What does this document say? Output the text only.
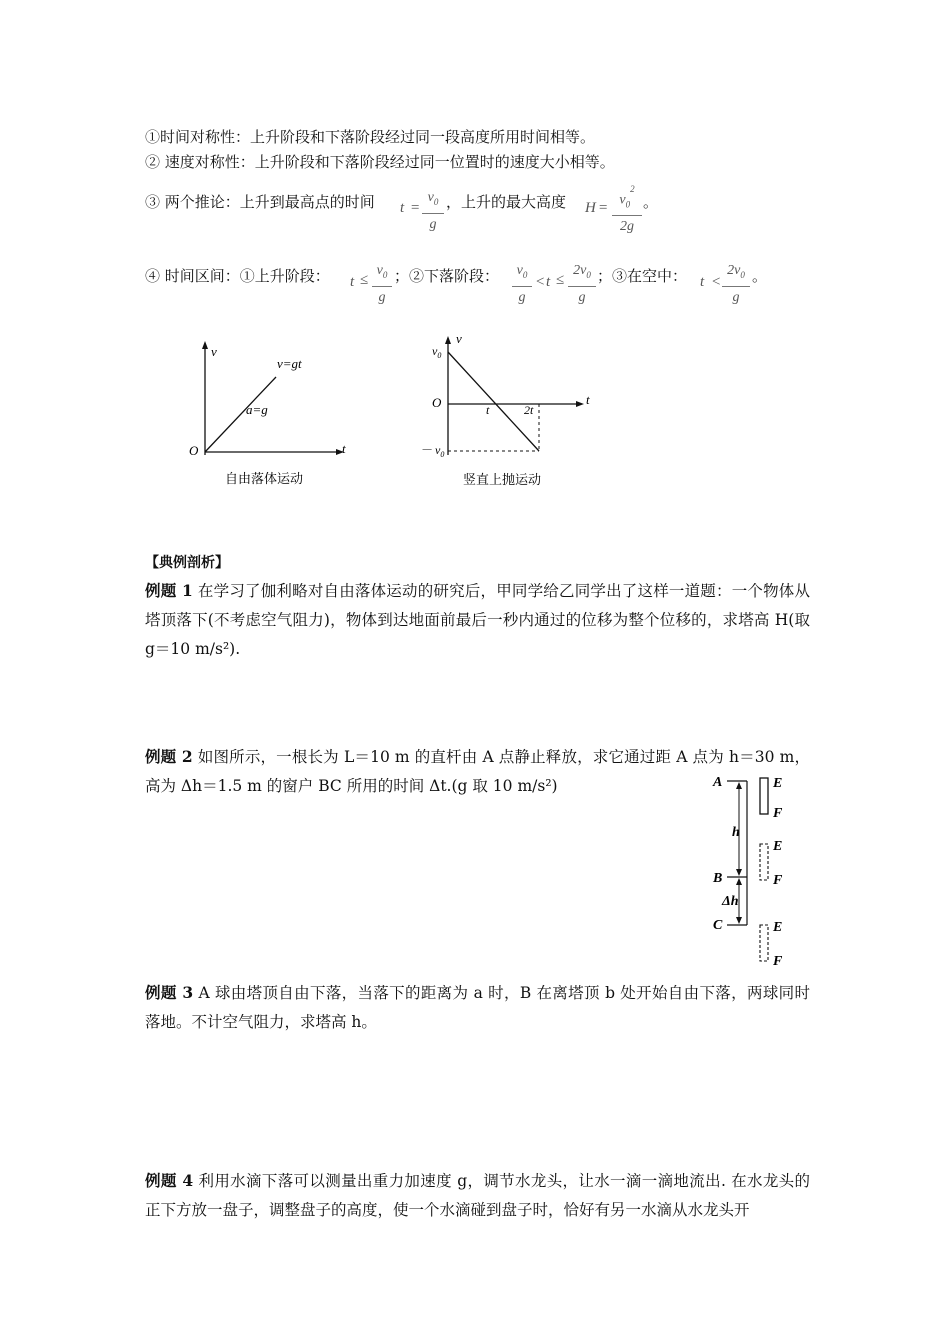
①时间对称性：上升阶段和下落阶段经过同一段高度所用时间相等。
② 速度对称性：上升阶段和下落阶段经过同一位置时的速度大小相等。
③ 两个推论：上升到最高点的时间 t =
$v_0$
g
，上升的最大高度 $H = v_0^2$
2g
。
④ 时间区间：①上升阶段： t ≤
$v_0$
g
；②下落阶段：	$v_0$
g
< t ≤
$2v_0$
g
；③在空中： t <
$2v_0$
g
。
v
t
O
v=gt
a=g
自由落体运动
v
t
O
$v_0$
－ $v_0$
t	2t
竖直上抛运动
【典例剖析】
例题 1 在学习了伽利略对自由落体运动的研究后，甲同学给乙同学出了这样一道题：一个物体从塔顶落下(不考虑空气阻力)，物体到达地面前最后一秒内通过的位移为整个位移的，求塔高 H(取 g＝10 m/s²).
例题 2 如图所示，一根长为 L＝10 m 的直杆由 A 点静止释放，求它通过距 A 点为 h＝30 m，高为 Δh＝1.5 m 的窗户 BC 所用的时间 Δt.(g 取 10 m/s²)	A
B
C
h
Δh
E
F
E
F
E
F
例题 3 A 球由塔顶自由下落，当落下的距离为 a 时，B 在离塔顶 b 处开始自由下落，两球同时落地。不计空气阻力，求塔高 h。
例题 4 利用水滴下落可以测量出重力加速度 g，调节水龙头，让水一滴一滴地流出. 在水龙头的正下方放一盘子，调整盘子的高度，使一个水滴碰到盘子时，恰好有另一水滴从水龙头开
